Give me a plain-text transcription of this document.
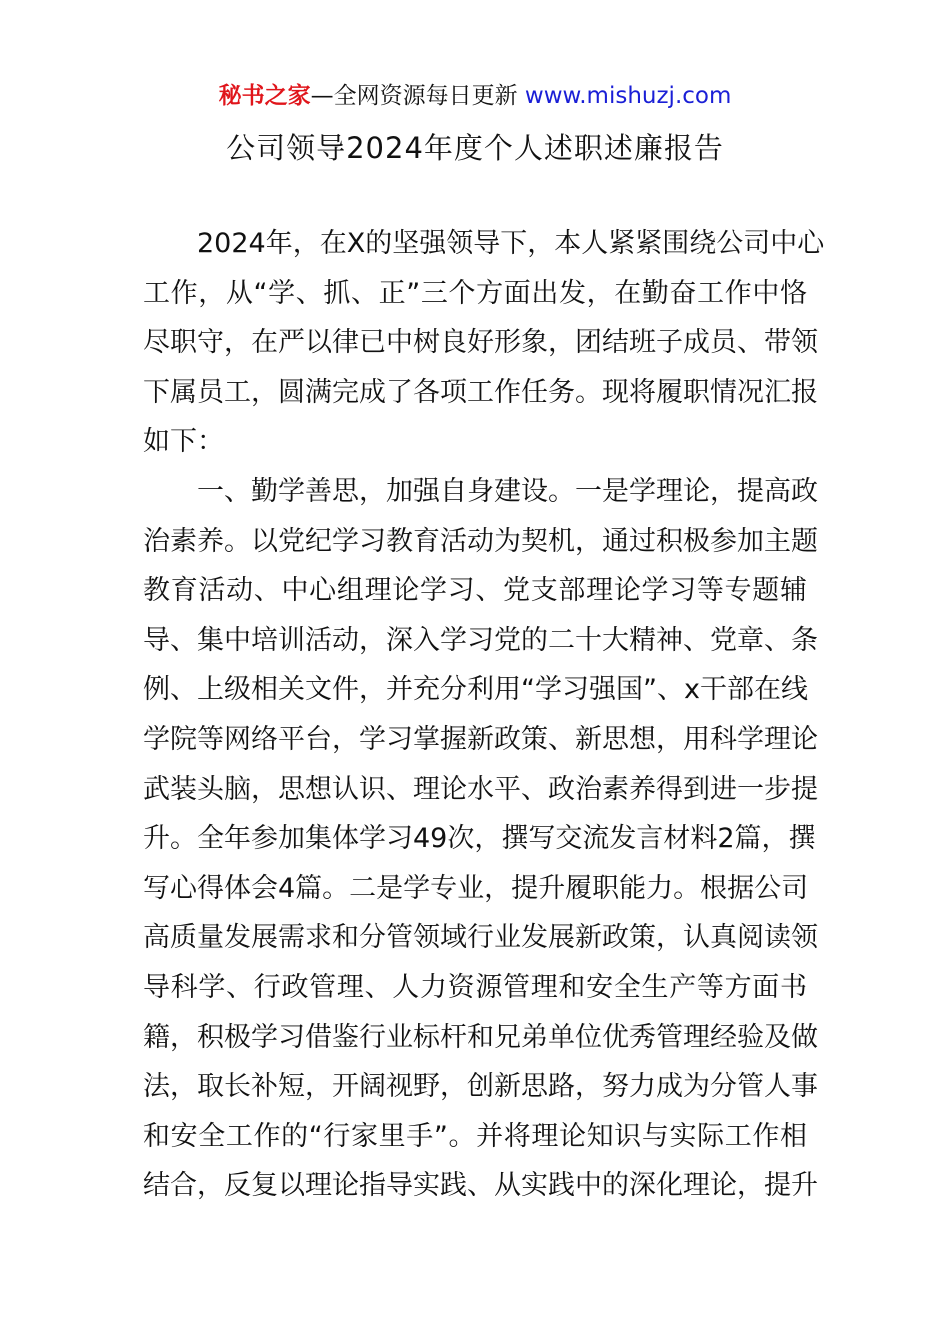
秘书之家—全网资源每日更新 www.mishuzj.com
公司领导2024年度个人述职述廉报告
2024年，在X的坚强领导下，本人紧紧围绕公司中心
工作，从“学、抓、正”三个方面出发，在勤奋工作中恪
尽职守，在严以律已中树良好形象，团结班子成员、带领
下属员工，圆满完成了各项工作任务。现将履职情况汇报
如下：
一、勤学善思，加强自身建设。一是学理论，提高政
治素养。以党纪学习教育活动为契机，通过积极参加主题
教育活动、中心组理论学习、党支部理论学习等专题辅
导、集中培训活动，深入学习党的二十大精神、党章、条
例、上级相关文件，并充分利用“学习强国”、x干部在线
学院等网络平台，学习掌握新政策、新思想，用科学理论
武装头脑，思想认识、理论水平、政治素养得到进一步提
升。全年参加集体学习49次，撰写交流发言材料2篇，撰
写心得体会4篇。二是学专业，提升履职能力。根据公司
高质量发展需求和分管领域行业发展新政策，认真阅读领
导科学、行政管理、人力资源管理和安全生产等方面书
籍，积极学习借鉴行业标杆和兄弟单位优秀管理经验及做
法，取长补短，开阔视野，创新思路，努力成为分管人事
和安全工作的“行家里手”。并将理论知识与实际工作相
结合，反复以理论指导实践、从实践中的深化理论，提升
